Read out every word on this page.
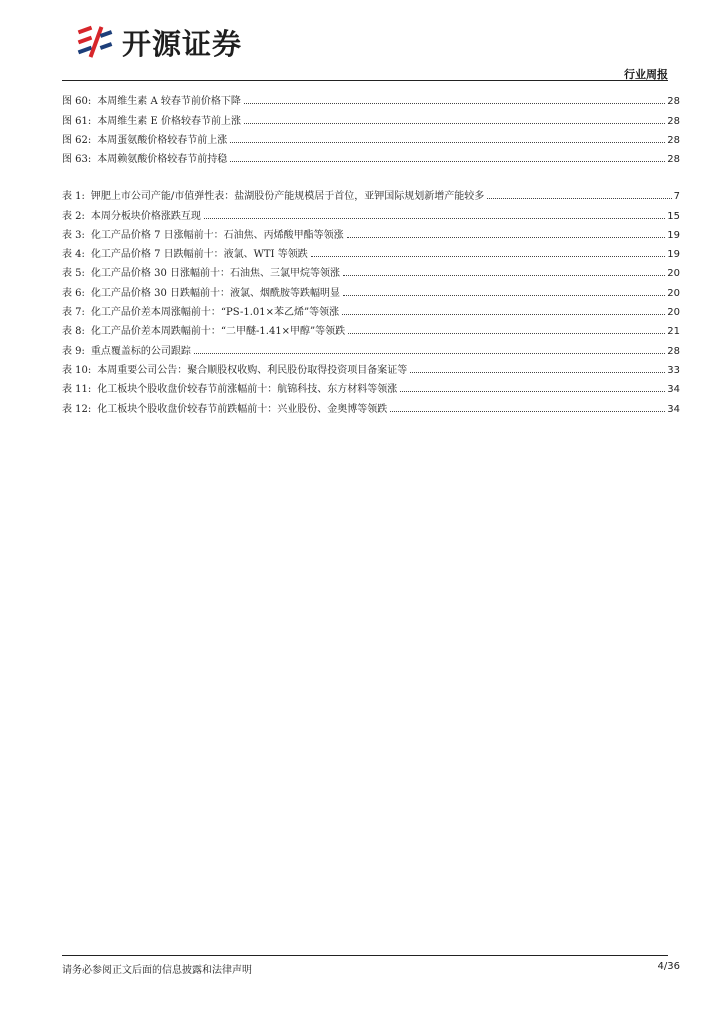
开源证券
行业周报
图 60: 本周维生素 A 较春节前价格下降	28
图 61: 本周维生素 E 价格较春节前上涨	28
图 62: 本周蛋氨酸价格较春节前上涨	28
图 63: 本周赖氨酸价格较春节前持稳	28
表 1: 钾肥上市公司产能/市值弹性表：盐湖股份产能规模居于首位，亚钾国际规划新增产能较多	7
表 2: 本周分板块价格涨跌互现	15
表 3: 化工产品价格 7 日涨幅前十：石油焦、丙烯酸甲酯等领涨	19
表 4: 化工产品价格 7 日跌幅前十：液氯、WTI 等领跌	19
表 5: 化工产品价格 30 日涨幅前十：石油焦、三氯甲烷等领涨	20
表 6: 化工产品价格 30 日跌幅前十：液氯、烟酰胺等跌幅明显	20
表 7: 化工产品价差本周涨幅前十：“PS-1.01×苯乙烯”等领涨	20
表 8: 化工产品价差本周跌幅前十：“二甲醚-1.41×甲醇”等领跌	21
表 9: 重点覆盖标的公司跟踪	28
表 10: 本周重要公司公告：聚合顺股权收购、利民股份取得投资项目备案证等	33
表 11: 化工板块个股收盘价较春节前涨幅前十：航锦科技、东方材料等领涨	34
表 12: 化工板块个股收盘价较春节前跌幅前十：兴业股份、金奥博等领跌	34
请务必参阅正文后面的信息披露和法律声明	4/36
